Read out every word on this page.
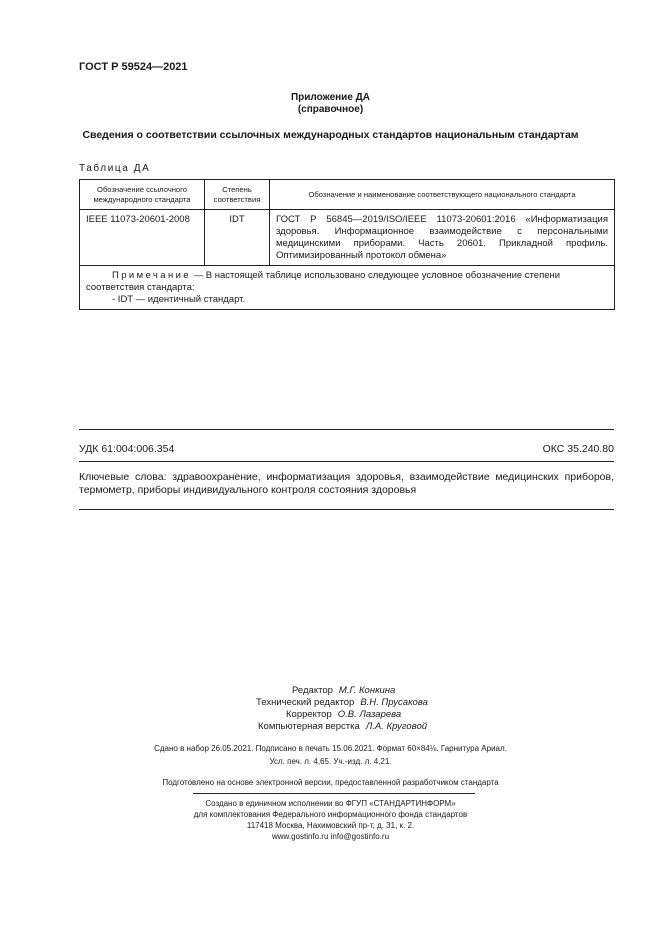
ГОСТ Р 59524—2021
Приложение ДА
(справочное)
Сведения о соответствии ссылочных международных стандартов национальным стандартам
Таблица ДА
Обозначение ссылочного международного стандарта	Степень соответствия	Обозначение и наименование соответствующего национального стандарта
IEEE 11073-20601-2008	IDT	ГОСТ Р 56845—2019/ISO/IEEE 11073-20601:2016 «Информатизация здоровья. Информационное взаимодействие с персональными медицинскими приборами. Часть 20601. Прикладной профиль. Оптимизированный протокол обмена»
Примечание — В настоящей таблице использовано следующее условное обозначение степени соответствия стандарта:
- IDT — идентичный стандарт.		
УДК 61:004:006.354	ОКС 35.240.80
Ключевые слова: здравоохранение, информатизация здоровья, взаимодействие медицинских приборов, термометр, приборы индивидуального контроля состояния здоровья
Редактор М.Г. Конкина
Технический редактор В.Н. Прусакова
Корректор О.В. Лазарева
Компьютерная верстка Л.А. Круговой
Сдано в набор 26.05.2021. Подписано в печать 15.06.2021. Формат 60×84⅛. Гарнитура Ариал.
Усл. печ. л. 4,65. Уч.-изд. л. 4,21.
Подготовлено на основе электронной версии, предоставленной разработчиком стандарта
Создано в единичном исполнении во ФГУП «СТАНДАРТИНФОРМ»
для комплектования Федерального информационного фонда стандартов
117418 Москва, Нахимовский пр-т, д. 31, к. 2.
www.gostinfo.ru info@gostinfo.ru
